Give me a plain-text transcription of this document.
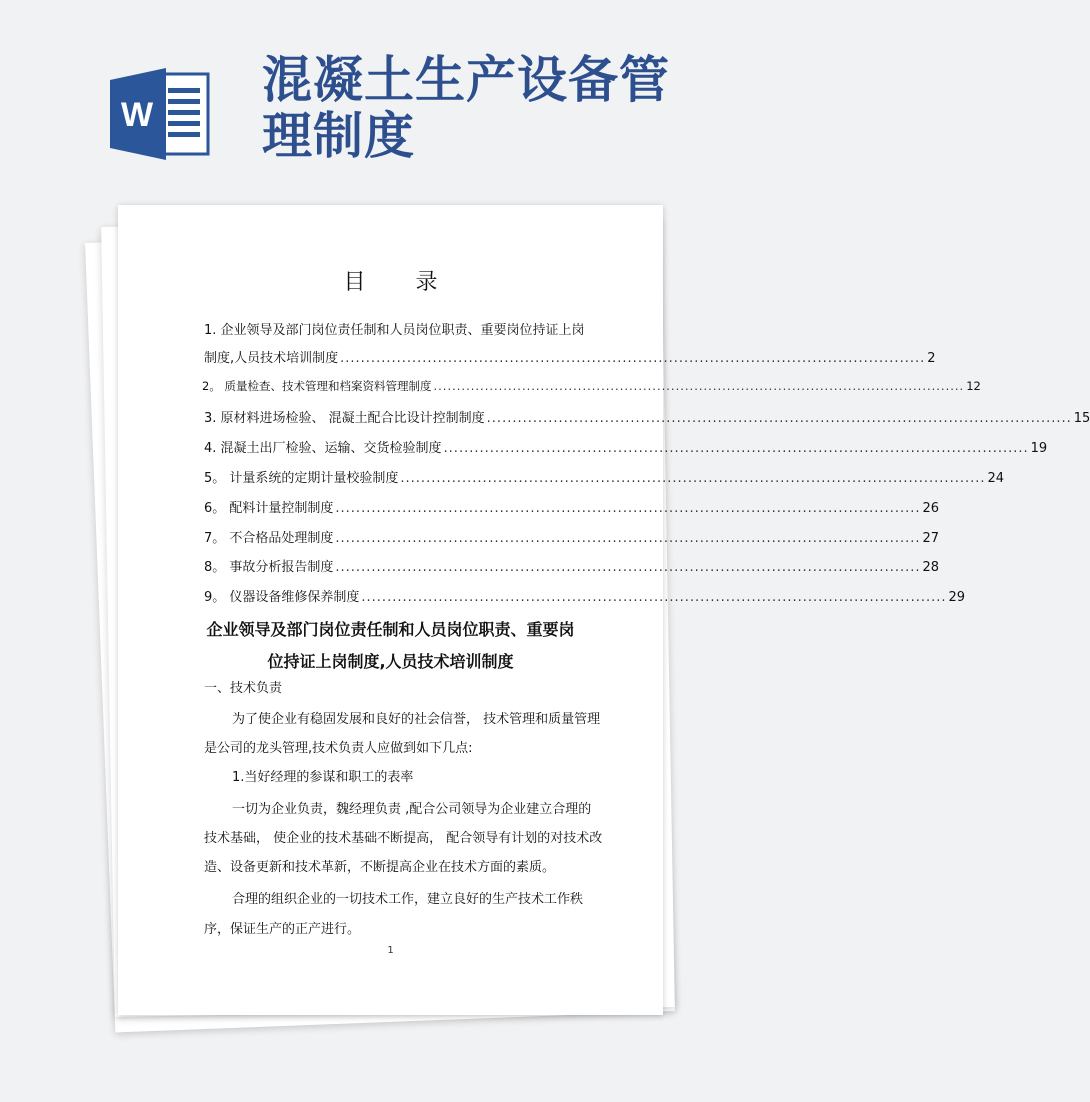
W
混凝土生产设备管
理制度
目录
1. 企业领导及部门岗位责任制和人员岗位职责、重要岗位持证上岗
制度,人员技术培训制度 .................................................................................................................. 2
2。 质量检查、技术管理和档案资料管理制度 .................................................................................................................. 12
3. 原材料进场检验、 混凝土配合比设计控制制度 .................................................................................................................. 15
4. 混凝土出厂检验、运输、交货检验制度 .................................................................................................................. 19
5。 计量系统的定期计量校验制度 .................................................................................................................. 24
6。 配料计量控制制度 .................................................................................................................. 26
7。 不合格品处理制度 .................................................................................................................. 27
8。 事故分析报告制度 .................................................................................................................. 28
9。 仪器设备维修保养制度 .................................................................................................................. 29
企业领导及部门岗位责任制和人员岗位职责、重要岗
位持证上岗制度,人员技术培训制度
一、技术负责
为了使企业有稳固发展和良好的社会信誉， 技术管理和质量管理
是公司的龙头管理,技术负责人应做到如下几点:
1.当好经理的参谋和职工的表率
一切为企业负责，魏经理负责 ,配合公司领导为企业建立合理的
技术基础， 使企业的技术基础不断提高， 配合领导有计划的对技术改
造、设备更新和技术革新，不断提高企业在技术方面的素质。
合理的组织企业的一切技术工作，建立良好的生产技术工作秩
序，保证生产的正产进行。
1
